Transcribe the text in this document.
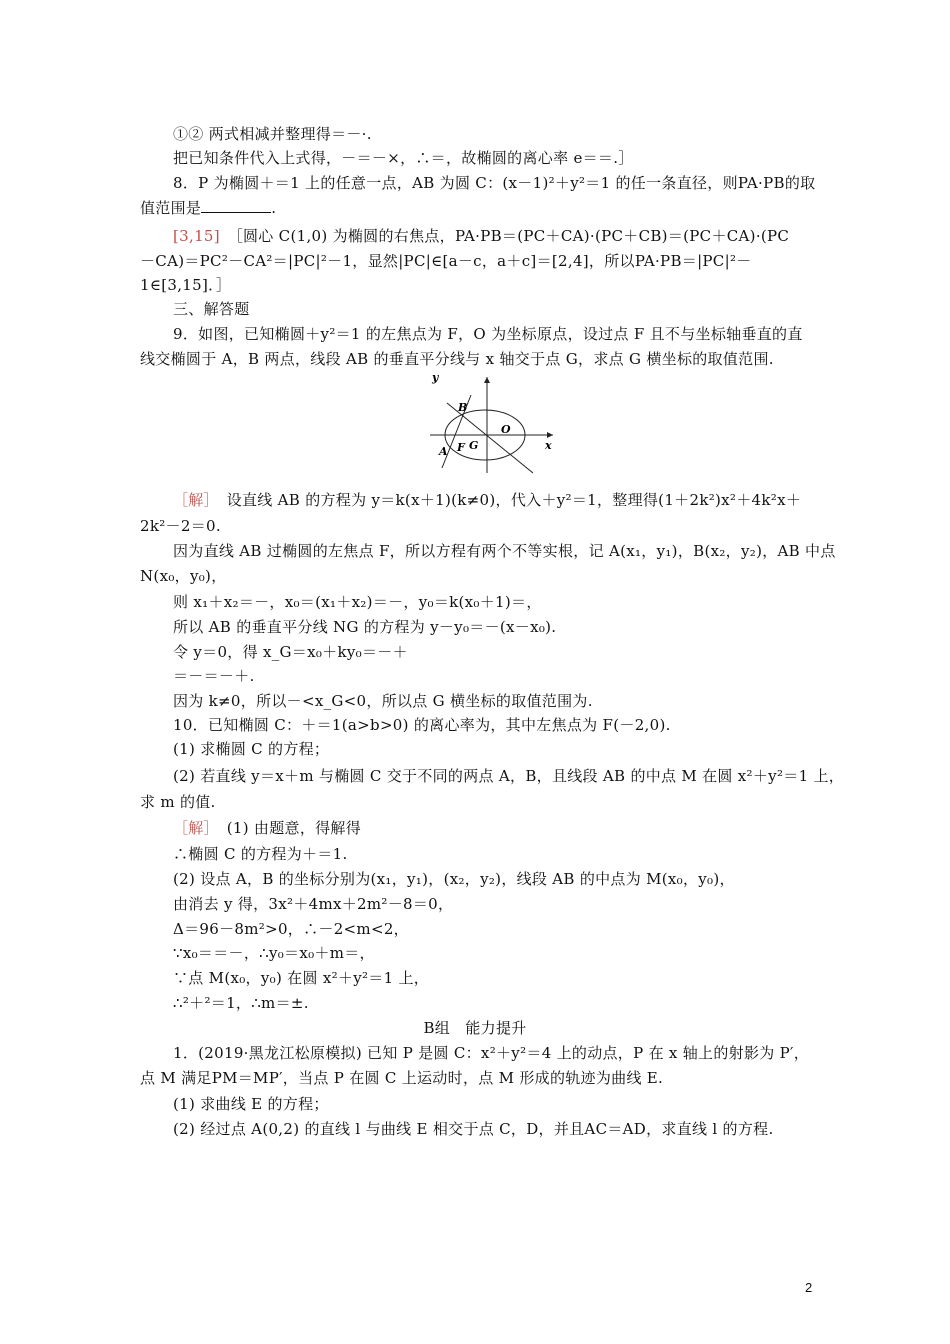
①② 两式相减并整理得＝－·.
把已知条件代入上式得，－＝－×，∴＝，故椭圆的离心率 e＝＝.］
8．P 为椭圆＋＝1 上的任意一点，AB 为圆 C：(x－1)²＋y²＝1 的任一条直径，则PA·PB的取
值范围是	.
[3,15]　［圆心 C(1,0) 为椭圆的右焦点，PA·PB＝(PC＋CA)·(PC＋CB)＝(PC＋CA)·(PC
－CA)＝PC²－CA²＝|PC|²－1，显然|PC|∈[a－c，a＋c]＝[2,4]，所以PA·PB＝|PC|²－
1∈[3,15]．］
三、解答题
9．如图，已知椭圆＋y²＝1 的左焦点为 F，O 为坐标原点，设过点 F 且不与坐标轴垂直的直
线交椭圆于 A，B 两点，线段 AB 的垂直平分线与 x 轴交于点 G，求点 G 横坐标的取值范围.
y
x
O
B
A F G
［解］　设直线 AB 的方程为 y＝k(x＋1)(k≠0)，代入＋y²＝1，整理得(1＋2k²)x²＋4k²x＋
2k²－2＝0.
因为直线 AB 过椭圆的左焦点 F，所以方程有两个不等实根，记 A(x₁，y₁)，B(x₂，y₂)，AB 中点
N(x₀，y₀)，
则 x₁＋x₂＝－，x₀＝(x₁＋x₂)＝－，y₀＝k(x₀＋1)＝，
所以 AB 的垂直平分线 NG 的方程为 y－y₀＝－(x－x₀).
令 y＝0，得 x_G＝x₀＋ky₀＝－＋
＝－＝－＋.
因为 k≠0，所以－<x_G<0，所以点 G 横坐标的取值范围为.
10．已知椭圆 C：＋＝1(a>b>0) 的离心率为，其中左焦点为 F(－2,0).
(1) 求椭圆 C 的方程；
(2) 若直线 y＝x＋m 与椭圆 C 交于不同的两点 A，B，且线段 AB 的中点 M 在圆 x²＋y²＝1 上，
求 m 的值.
［解］　(1) 由题意，得解得
∴椭圆 C 的方程为＋＝1.
(2) 设点 A，B 的坐标分别为(x₁，y₁)，(x₂，y₂)，线段 AB 的中点为 M(x₀，y₀)，
由消去 y 得，3x²＋4mx＋2m²－8＝0，
Δ＝96－8m²>0，∴－2<m<2，
∵x₀＝＝－，∴y₀＝x₀＋m＝，
∵点 M(x₀，y₀) 在圆 x²＋y²＝1 上，
∴²＋²＝1，∴m＝±.
B组　能力提升
1．(2019·黑龙江松原模拟) 已知 P 是圆 C：x²＋y²＝4 上的动点，P 在 x 轴上的射影为 P′，
点 M 满足PM＝MP′，当点 P 在圆 C 上运动时，点 M 形成的轨迹为曲线 E.
(1) 求曲线 E 的方程；
(2) 经过点 A(0,2) 的直线 l 与曲线 E 相交于点 C，D，并且AC＝AD，求直线 l 的方程.
2
